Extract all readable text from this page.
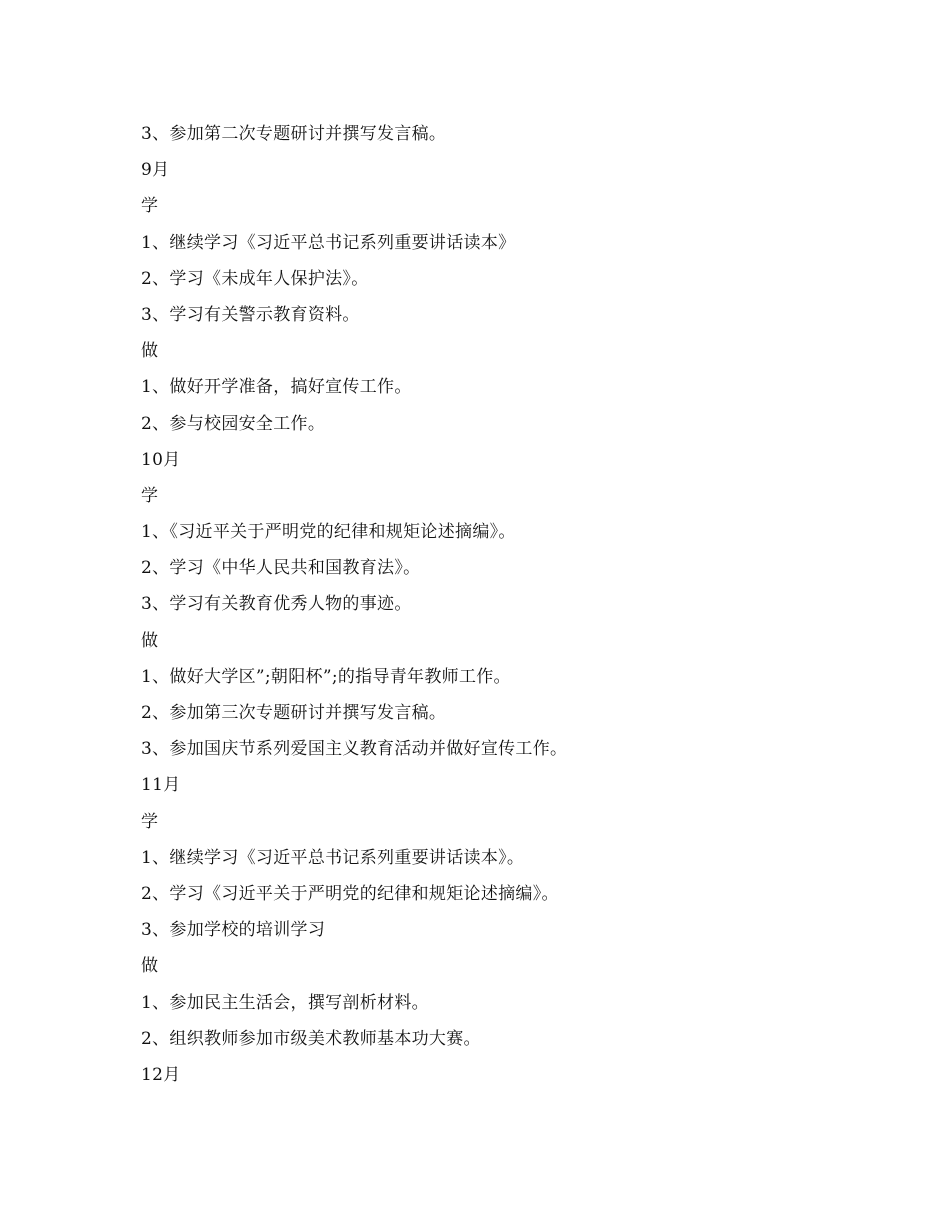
3、参加第二次专题研讨并撰写发言稿。
9月
学
1、继续学习《习近平总书记系列重要讲话读本》
2、学习《未成年人保护法》。
3、学习有关警示教育资料。
做
1、做好开学准备，搞好宣传工作。
2、参与校园安全工作。
10月
学
1、《习近平关于严明党的纪律和规矩论述摘编》。
2、学习《中华人民共和国教育法》。
3、学习有关教育优秀人物的事迹。
做
1、做好大学区”;朝阳杯”;的指导青年教师工作。
2、参加第三次专题研讨并撰写发言稿。
3、参加国庆节系列爱国主义教育活动并做好宣传工作。
11月
学
1、继续学习《习近平总书记系列重要讲话读本》。
2、学习《习近平关于严明党的纪律和规矩论述摘编》。
3、参加学校的培训学习
做
1、参加民主生活会，撰写剖析材料。
2、组织教师参加市级美术教师基本功大赛。
12月
